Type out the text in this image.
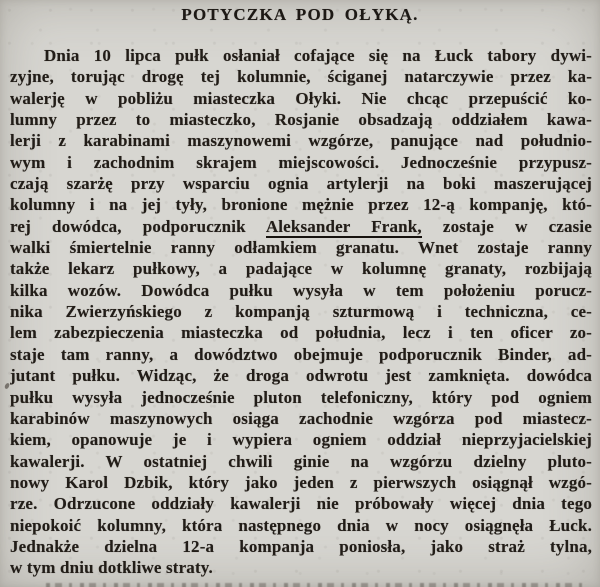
POTYCZKA POD OŁYKĄ.
Dnia 10 lipca pułk osłaniał cofające się na Łuck tabory dywi-
zyjne, torując drogę tej kolumnie, ściganej natarczywie przez ka-
walerję w pobliżu miasteczka Ołyki. Nie chcąc przepuścić ko-
lumny przez to miasteczko, Rosjanie obsadzają oddziałem kawa-
lerji z karabinami maszynowemi wzgórze, panujące nad południo-
wym i zachodnim skrajem miejscowości. Jednocześnie przypusz-
czają szarżę przy wsparciu ognia artylerji na boki maszerującej
kolumny i na jej tyły, bronione mężnie przez 12-ą kompanję, któ-
rej dowódca, podporucznik Aleksander Frank, zostaje w czasie
walki śmiertelnie ranny odłamkiem granatu. Wnet zostaje ranny
także lekarz pułkowy, a padające w kolumnę granaty, rozbijają
kilka wozów. Dowódca pułku wysyła w tem położeniu porucz-
nika Zwierzyńskiego z kompanją szturmową i techniczna, ce-
lem zabezpieczenia miasteczka od południa, lecz i ten oficer zo-
staje tam ranny, a dowództwo obejmuje podporucznik Binder, ad-
jutant pułku. Widząc, że droga odwrotu jest zamknięta. dowódca
pułku wysyła jednocześnie pluton telefoniczny, który pod ogniem
karabinów maszynowych osiąga zachodnie wzgórza pod miastecz-
kiem, opanowuje je i wypiera ogniem oddział nieprzyjacielskiej
kawalerji. W ostatniej chwili ginie na wzgórzu dzielny pluto-
nowy Karol Dzbik, który jako jeden z pierwszych osiągnął wzgó-
rze. Odrzucone oddziały kawalerji nie próbowały więcej dnia tego
niepokoić kolumny, która następnego dnia w nocy osiągnęła Łuck.
Jednakże dzielna 12-a kompanja poniosła, jako straż tylna,
w tym dniu dotkliwe straty.
